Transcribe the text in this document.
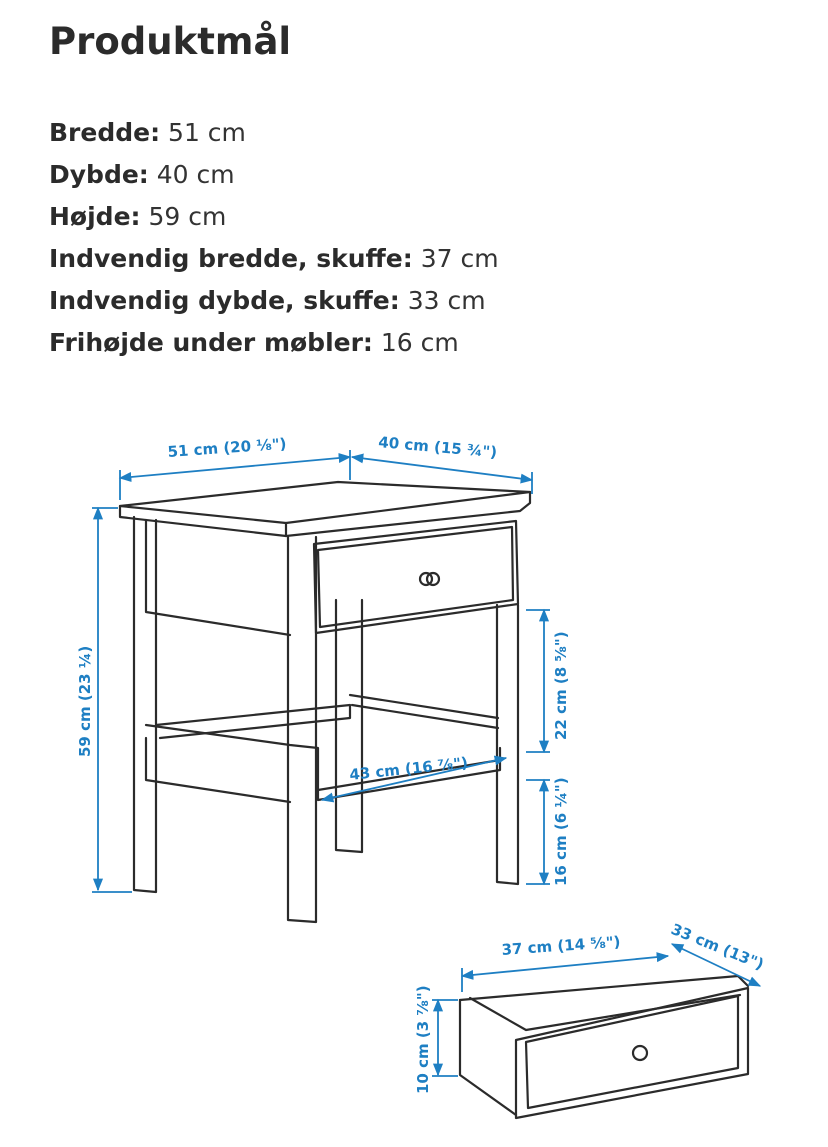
Produktmål
Bredde: 51 cm
Dybde: 40 cm
Højde: 59 cm
Indvendig bredde, skuffe: 37 cm
Indvendig dybde, skuffe: 33 cm
Frihøjde under møbler: 16 cm
51 cm (20 ⅛")	40 cm (15 ¾")
59 cm (23 ¼)	22 cm (8 ⅝")
43 cm (16 ⅞")
16 cm (6 ¼")
37 cm (14 ⅝")	33 cm (13")
10 cm (3 ⅞")
